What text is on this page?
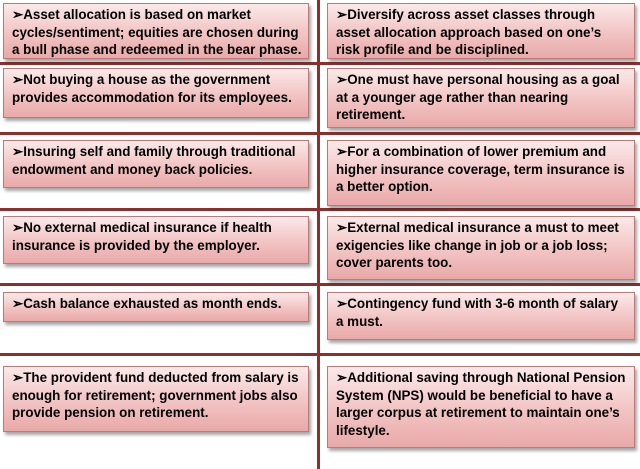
➢Asset allocation is based on market cycles/sentiment; equities are chosen during a bull phase and redeemed in the bear phase.
➢Diversify across asset classes through asset allocation approach based on one’s risk profile and be disciplined.
➢Not buying a house as the government provides accommodation for its employees.
➢One must have personal housing as a goal at a younger age rather than nearing retirement.
➢Insuring self and family through traditional endowment and money back policies.
➢For a combination of lower premium and higher insurance coverage, term insurance is a better option.
➢No external medical insurance if health insurance is provided by the employer.
➢External medical insurance a must to meet exigencies like change in job or a job loss; cover parents too.
➢Cash balance exhausted as month ends.	➢Contingency fund with 3-6 month of salary a must.
➢The provident fund deducted from salary is enough for retirement; government jobs also provide pension on retirement.
➢Additional saving through National Pension System (NPS) would be beneficial to have a larger corpus at retirement to maintain one’s lifestyle.
